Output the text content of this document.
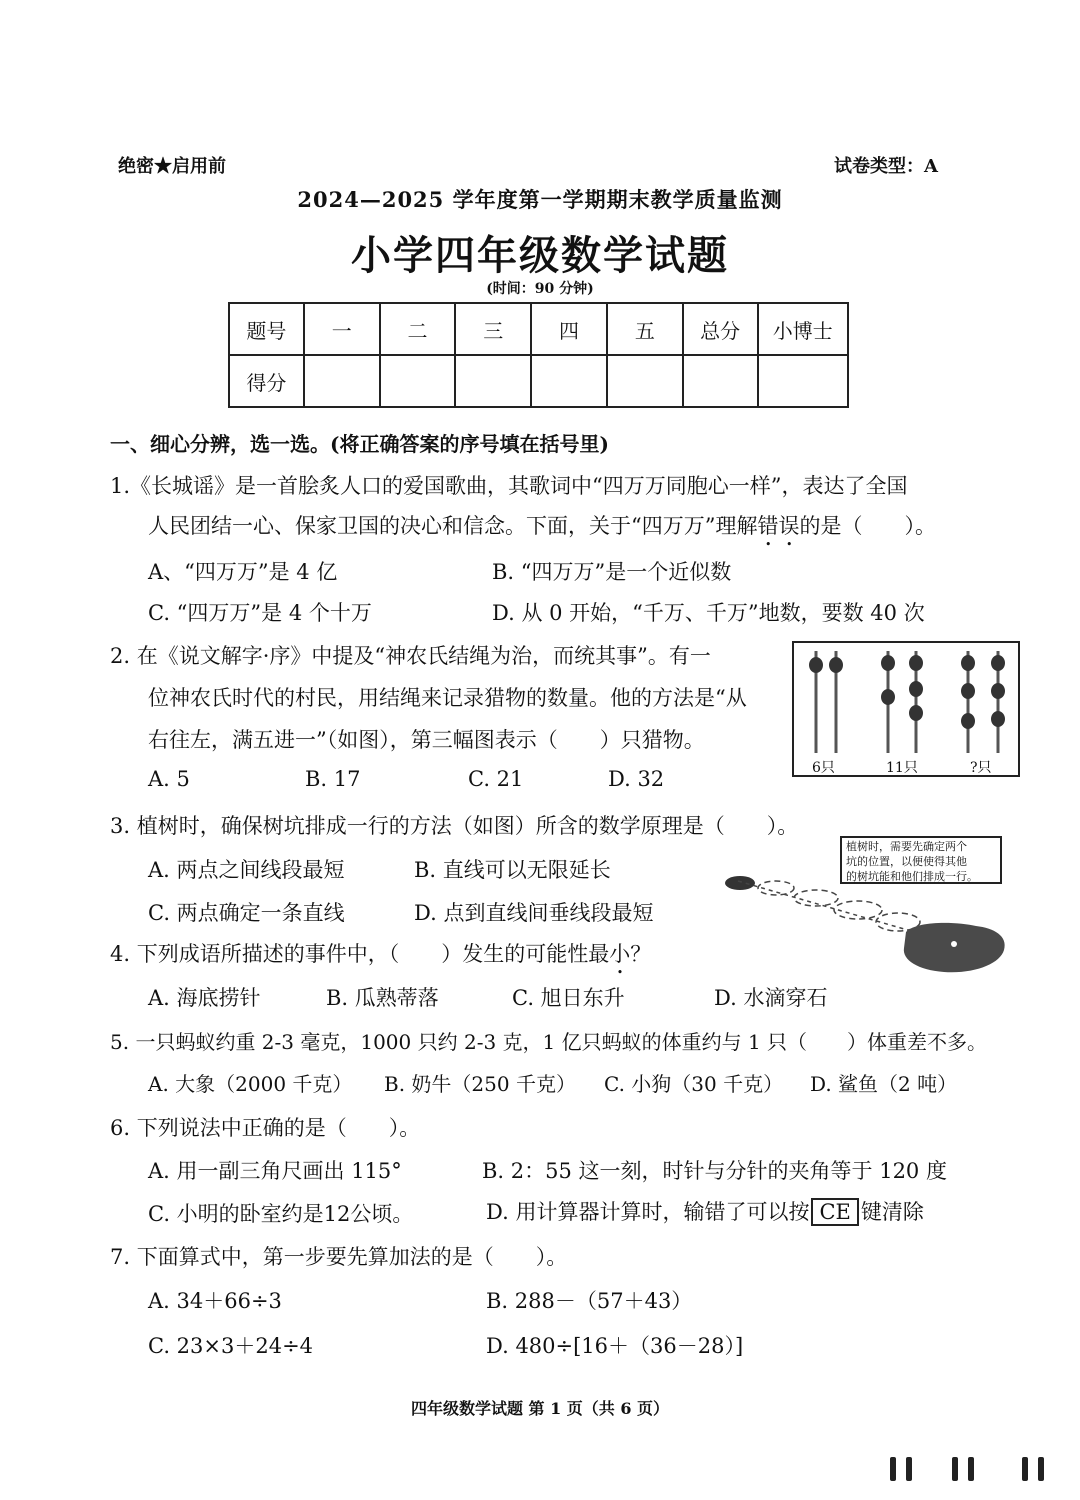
绝密★启用前	试卷类型：A
2024—2025 学年度第一学期期末教学质量监测
小学四年级数学试题
(时间：90 分钟)
题号	一	二	三	四	五	总分	小博士
得分							
一、细心分辨，选一选。(将正确答案的序号填在括号里)
1.《长城谣》是一首脍炙人口的爱国歌曲，其歌词中“四万万同胞心一样”，表达了全国
人民团结一心、保家卫国的决心和信念。下面，关于“四万万”理解错误的是（　　）。
A、“四万万”是 4 亿	B. “四万万”是一个近似数
C. “四万万”是 4 个十万	D. 从 0 开始，“千万、千万”地数，要数 40 次
2. 在《说文解字·序》中提及“神农氏结绳为治，而统其事”。有一
位神农氏时代的村民，用结绳来记录猎物的数量。他的方法是“从
右往左，满五进一”（如图），第三幅图表示（　　）只猎物。
A. 5	B. 17	C. 21	D. 32	6只	11只	?只
3. 植树时，确保树坑排成一行的方法（如图）所含的数学原理是（　　）。
A. 两点之间线段最短	B. 直线可以无限延长
C. 两点确定一条直线	D. 点到直线间垂线段最短
植树时，需要先确定两个
坑的位置，以便使得其他
的树坑能和他们排成一行。
4. 下列成语所描述的事件中，（　　）发生的可能性最小？
A. 海底捞针	B. 瓜熟蒂落	C. 旭日东升	D. 水滴穿石
5. 一只蚂蚁约重 2-3 毫克，1000 只约 2-3 克，1 亿只蚂蚁的体重约与 1 只（　　）体重差不多。
A. 大象（2000 千克） B. 奶牛（250 千克） C. 小狗（30 千克） D. 鲨鱼（2 吨）
6. 下列说法中正确的是（　　）。
A. 用一副三角尺画出 115°	B. 2：55 这一刻，时针与分针的夹角等于 120 度
C. 小明的卧室约是12公顷。	D. 用计算器计算时，输错了可以按 CE 键清除
7. 下面算式中，第一步要先算加法的是（　　）。
A. 34＋66÷3	B. 288－（57＋43）
C. 23×3＋24÷4	D. 480÷[16＋（36－28）]
四年级数学试题 第 1 页（共 6 页）
